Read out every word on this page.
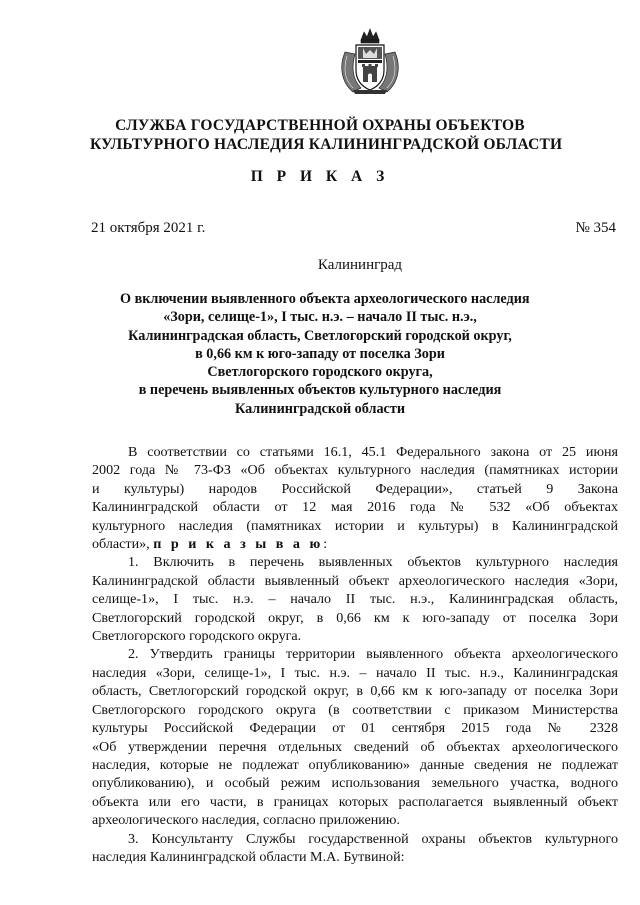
СЛУЖБА ГОСУДАРСТВЕННОЙ ОХРАНЫ ОБЪЕКТОВ
КУЛЬТУРНОГО НАСЛЕДИЯ КАЛИНИНГРАДСКОЙ ОБЛАСТИ
П Р И К А З
21 октября 2021 г.	№ 354
Калининград
О включении выявленного объекта археологического наследия
«Зори, селище-1», I тыс. н.э. – начало II тыс. н.э.,
Калининградская область, Светлогорский городской округ,
в 0,66 км к юго-западу от поселка Зори
Светлогорского городского округа,
в перечень выявленных объектов культурного наследия
Калининградской области
В соответствии со статьями 16.1, 45.1 Федерального закона от 25 июня
2002 года № 73-ФЗ «Об объектах культурного наследия (памятниках истории
и культуры) народов Российской Федерации», статьей 9 Закона
Калининградской области от 12 мая 2016 года № 532 «Об объектах
культурного наследия (памятниках истории и культуры) в Калининградской
области», п р и к а з ы в а ю:
1. Включить в перечень выявленных объектов культурного наследия
Калининградской области выявленный объект археологического наследия «Зори,
селище-1», I тыс. н.э. – начало II тыс. н.э., Калининградская область,
Светлогорский городской округ, в 0,66 км к юго-западу от поселка Зори
Светлогорского городского округа.
2. Утвердить границы территории выявленного объекта археологического
наследия «Зори, селище-1», I тыс. н.э. – начало II тыс. н.э., Калининградская
область, Светлогорский городской округ, в 0,66 км к юго-западу от поселка Зори
Светлогорского городского округа (в соответствии с приказом Министерства
культуры Российской Федерации от 01 сентября 2015 года № 2328
«Об утверждении перечня отдельных сведений об объектах археологического
наследия, которые не подлежат опубликованию» данные сведения не подлежат
опубликованию), и особый режим использования земельного участка, водного
объекта или его части, в границах которых располагается выявленный объект
археологического наследия, согласно приложению.
3. Консультанту Службы государственной охраны объектов культурного
наследия Калининградской области М.А. Бутвиной:
